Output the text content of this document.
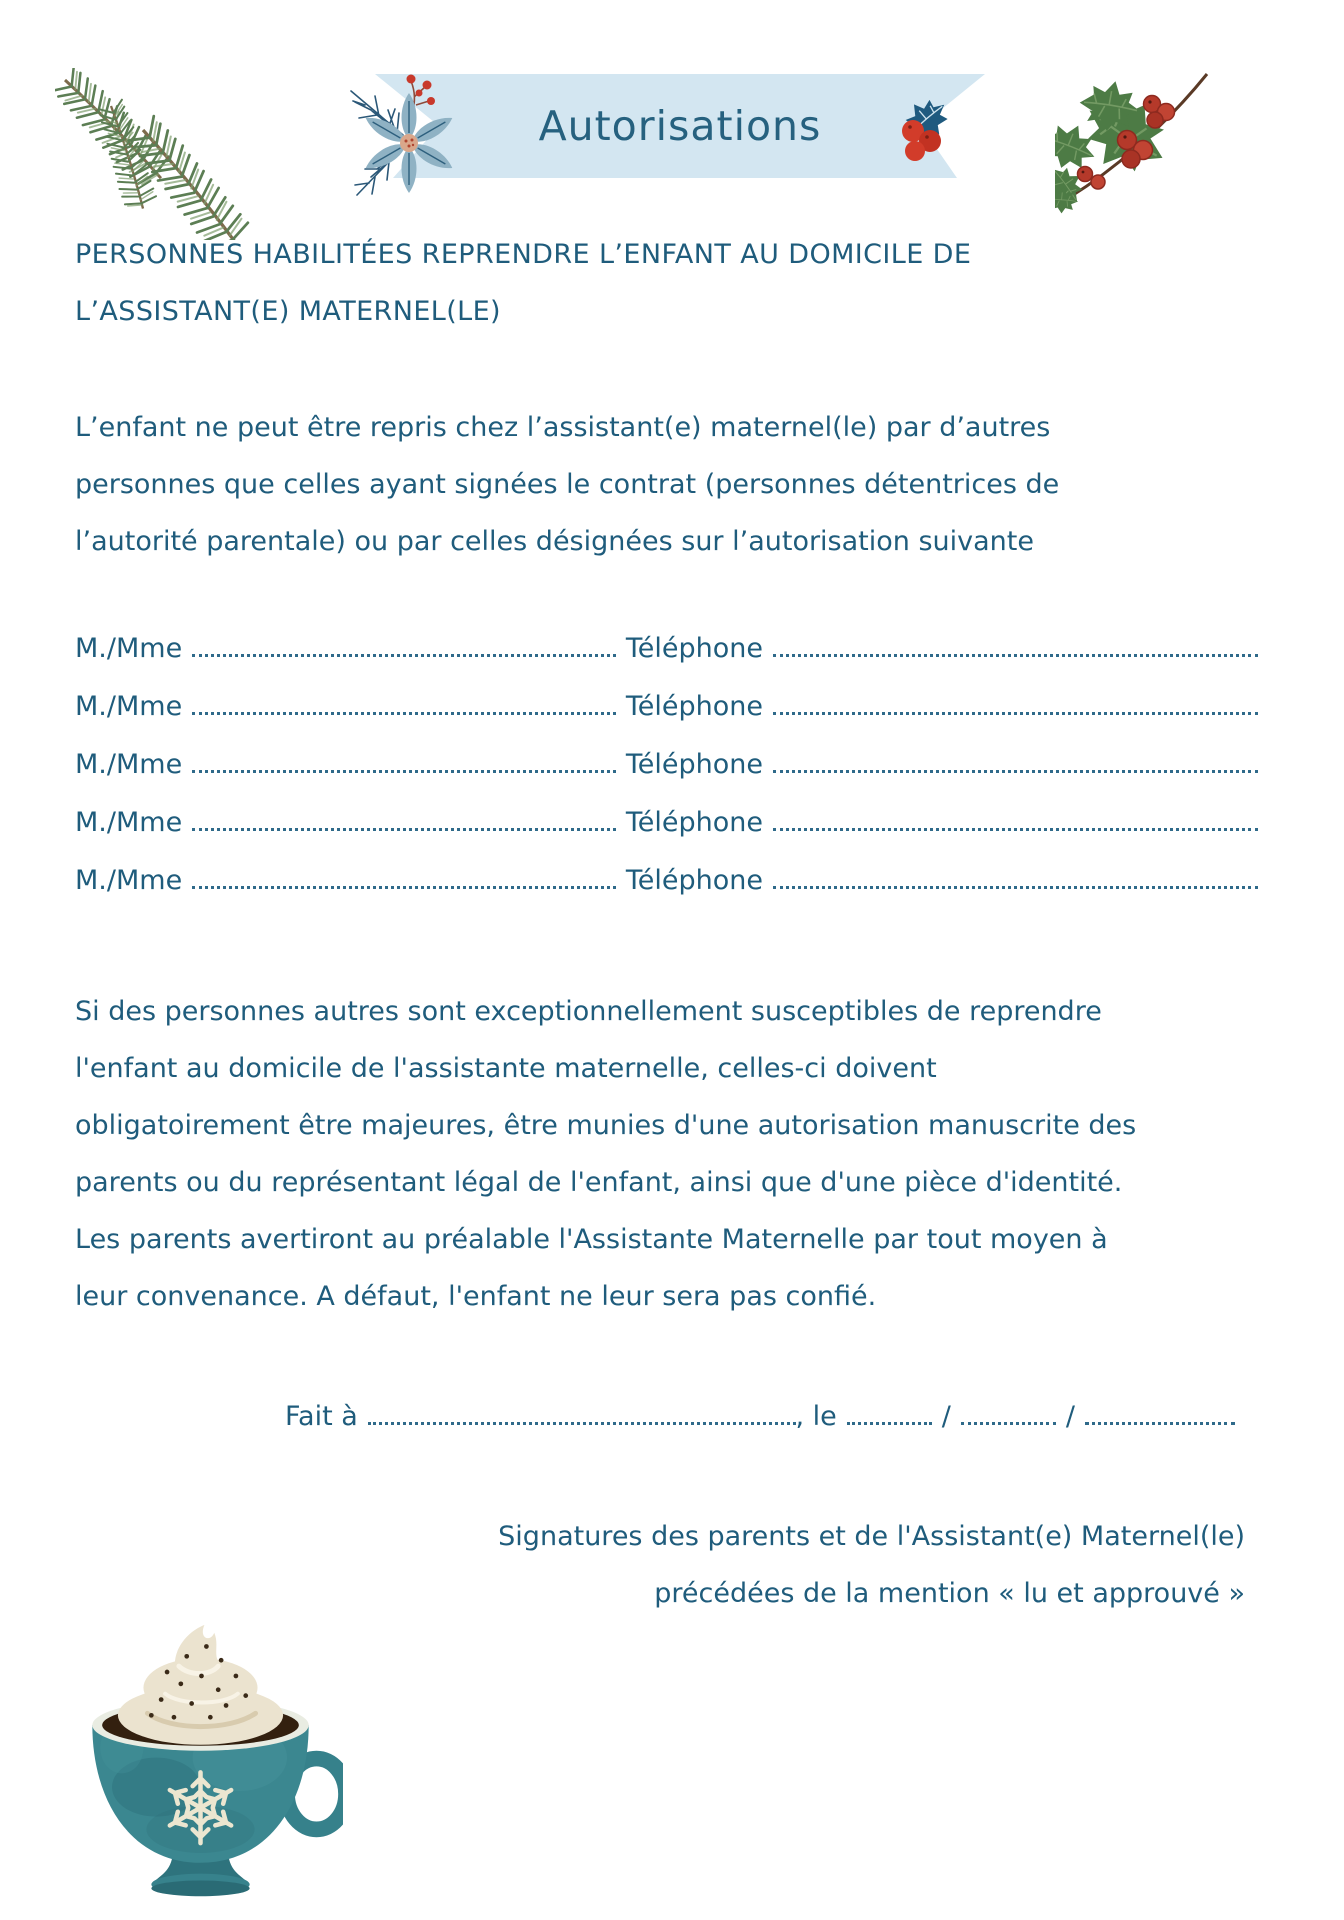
Autorisations
PERSONNES HABILITÉES REPRENDRE L’ENFANT AU DOMICILE DE
L’ASSISTANT(E) MATERNEL(LE)
L’enfant ne peut être repris chez l’assistant(e) maternel(le) par d’autres
personnes que celles ayant signées le contrat (personnes détentrices de
l’autorité parentale) ou par celles désignées sur l’autorisation suivante
M./Mme	Téléphone
M./Mme	Téléphone
M./Mme	Téléphone
M./Mme	Téléphone
M./Mme	Téléphone
Si des personnes autres sont exceptionnellement susceptibles de reprendre
l'enfant au domicile de l'assistante maternelle, celles-ci doivent
obligatoirement être majeures, être munies d'une autorisation manuscrite des
parents ou du représentant légal de l'enfant, ainsi que d'une pièce d'identité.
Les parents avertiront au préalable l'Assistante Maternelle par tout moyen à
leur convenance. A défaut, l'enfant ne leur sera pas confié.
Fait à	, le	/	/
Signatures des parents et de l'Assistant(e) Maternel(le)
précédées de la mention « lu et approuvé »
